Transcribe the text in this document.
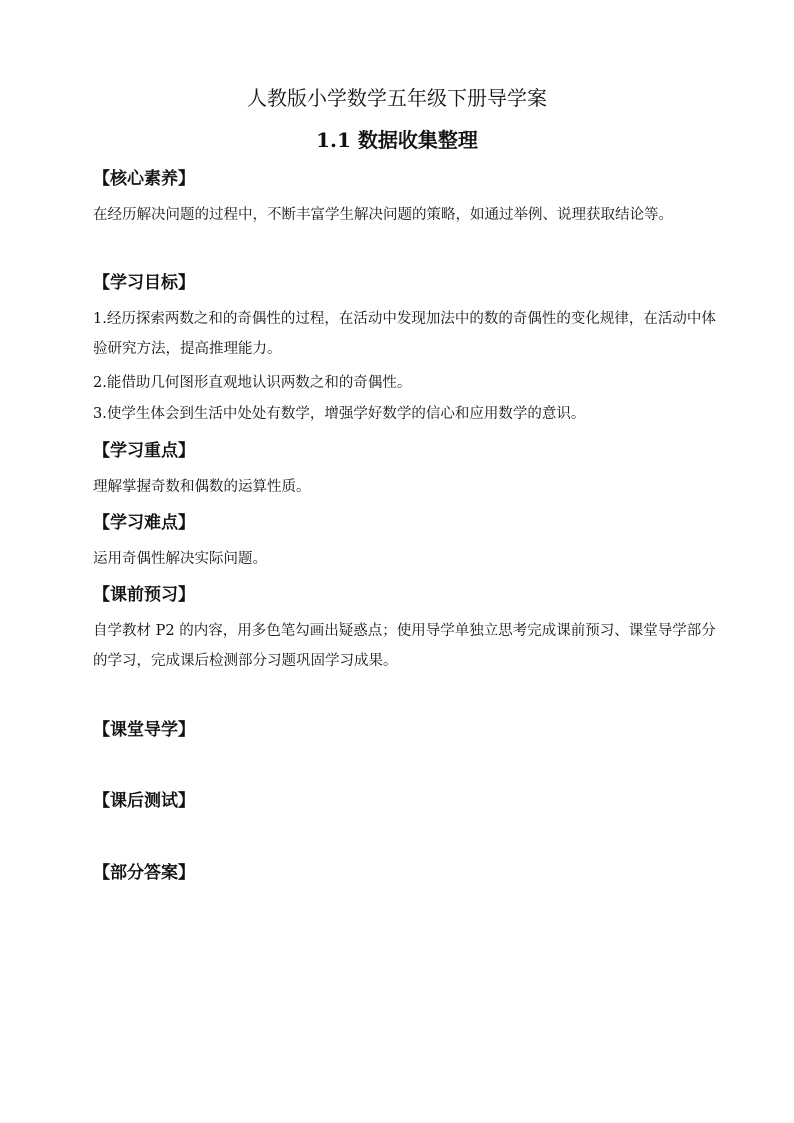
人教版小学数学五年级下册导学案
1.1 数据收集整理
【核心素养】
在经历解决问题的过程中，不断丰富学生解决问题的策略，如通过举例、说理获取结论等。
【学习目标】
1.经历探索两数之和的奇偶性的过程，在活动中发现加法中的数的奇偶性的变化规律，在活动中体验研究方法，提高推理能力。
2.能借助几何图形直观地认识两数之和的奇偶性。
3.使学生体会到生活中处处有数学，增强学好数学的信心和应用数学的意识。
【学习重点】
理解掌握奇数和偶数的运算性质。
【学习难点】
运用奇偶性解决实际问题。
【课前预习】
自学教材 P2 的内容，用多色笔勾画出疑惑点；使用导学单独立思考完成课前预习、课堂导学部分的学习，完成课后检测部分习题巩固学习成果。
【课堂导学】
【课后测试】
【部分答案】
